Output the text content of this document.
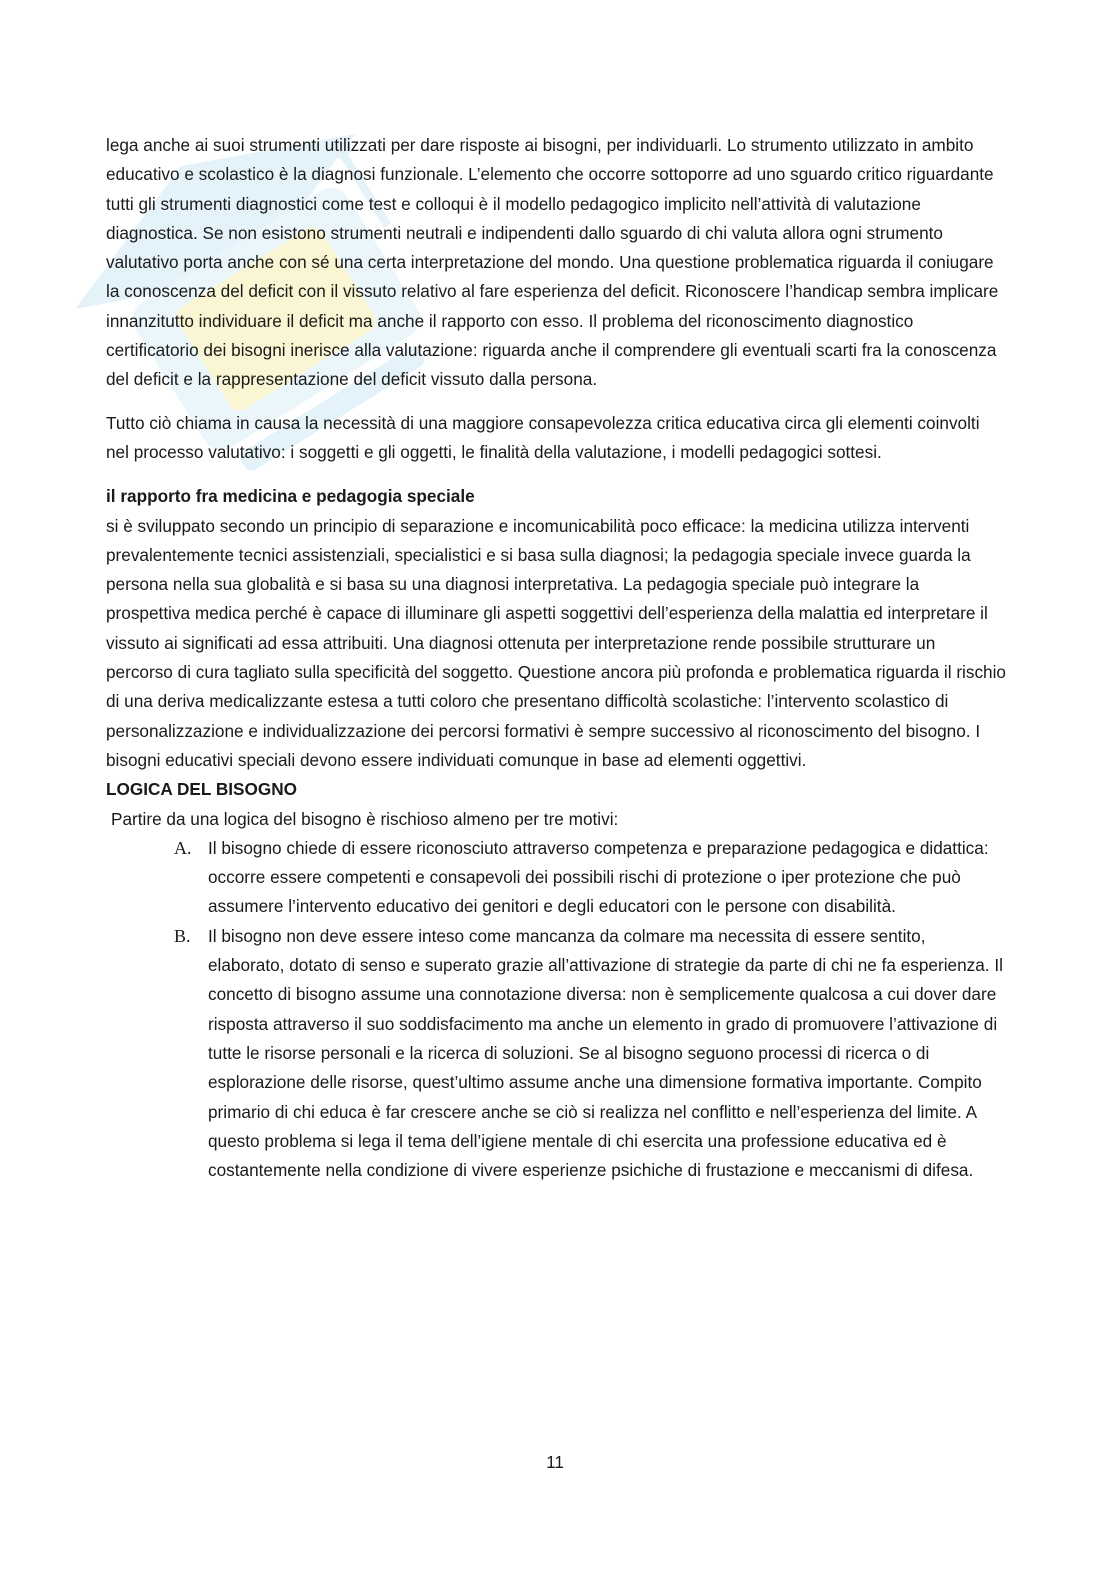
lega anche ai suoi strumenti utilizzati per dare risposte ai bisogni, per individuarli. Lo strumento utilizzato in ambito educativo e scolastico è la diagnosi funzionale. L’elemento che occorre sottoporre ad uno sguardo critico riguardante tutti gli strumenti diagnostici come test e colloqui è il modello pedagogico implicito nell’attività di valutazione diagnostica. Se non esistono strumenti neutrali e indipendenti dallo sguardo di chi valuta allora ogni strumento valutativo porta anche con sé una certa interpretazione del mondo. Una questione problematica riguarda il coniugare la conoscenza del deficit con il vissuto relativo al fare esperienza del deficit. Riconoscere l’handicap sembra implicare innanzitutto individuare il deficit ma anche il rapporto con esso. Il problema del riconoscimento diagnostico certificatorio dei bisogni inerisce alla valutazione: riguarda anche il comprendere gli eventuali scarti fra la conoscenza del deficit e la rappresentazione del deficit vissuto dalla persona.

Tutto ciò chiama in causa la necessità di una maggiore consapevolezza critica educativa circa gli elementi coinvolti nel processo valutativo: i soggetti e gli oggetti, le finalità della valutazione, i modelli pedagogici sottesi.

il rapporto fra medicina e pedagogia speciale

si è sviluppato secondo un principio di separazione e incomunicabilità poco efficace: la medicina utilizza interventi prevalentemente tecnici assistenziali, specialistici e si basa sulla diagnosi; la pedagogia speciale invece guarda la persona nella sua globalità e si basa su una diagnosi interpretativa. La pedagogia speciale può integrare la prospettiva medica perché è capace di illuminare gli aspetti soggettivi dell’esperienza della malattia ed interpretare il vissuto ai significati ad essa attribuiti. Una diagnosi ottenuta per interpretazione rende possibile strutturare un percorso di cura tagliato sulla specificità del soggetto. Questione ancora più profonda e problematica riguarda il rischio di una deriva medicalizzante estesa a tutti coloro che presentano difficoltà scolastiche: l’intervento scolastico di personalizzazione e individualizzazione dei percorsi formativi è sempre successivo al riconoscimento del bisogno. I bisogni educativi speciali devono essere individuati comunque in base ad elementi oggettivi.

LOGICA DEL BISOGNO

Partire da una logica del bisogno è rischioso almeno per tre motivi:

A. Il bisogno chiede di essere riconosciuto attraverso competenza e preparazione pedagogica e didattica: occorre essere competenti e consapevoli dei possibili rischi di protezione o iper protezione che può assumere l’intervento educativo dei genitori e degli educatori con le persone con disabilità.
B. Il bisogno non deve essere inteso come mancanza da colmare ma necessita di essere sentito, elaborato, dotato di senso e superato grazie all’attivazione di strategie da parte di chi ne fa esperienza. Il concetto di bisogno assume una connotazione diversa: non è semplicemente qualcosa a cui dover dare risposta attraverso il suo soddisfacimento ma anche un elemento in grado di promuovere l’attivazione di tutte le risorse personali e la ricerca di soluzioni. Se al bisogno seguono processi di ricerca o di esplorazione delle risorse, quest’ultimo assume anche una dimensione formativa importante. Compito primario di chi educa è far crescere anche se ciò si realizza nel conflitto e nell’esperienza del limite. A questo problema si lega il tema dell’igiene mentale di chi esercita una professione educativa ed è costantemente nella condizione di vivere esperienze psichiche di frustazione e meccanismi di difesa.
11
